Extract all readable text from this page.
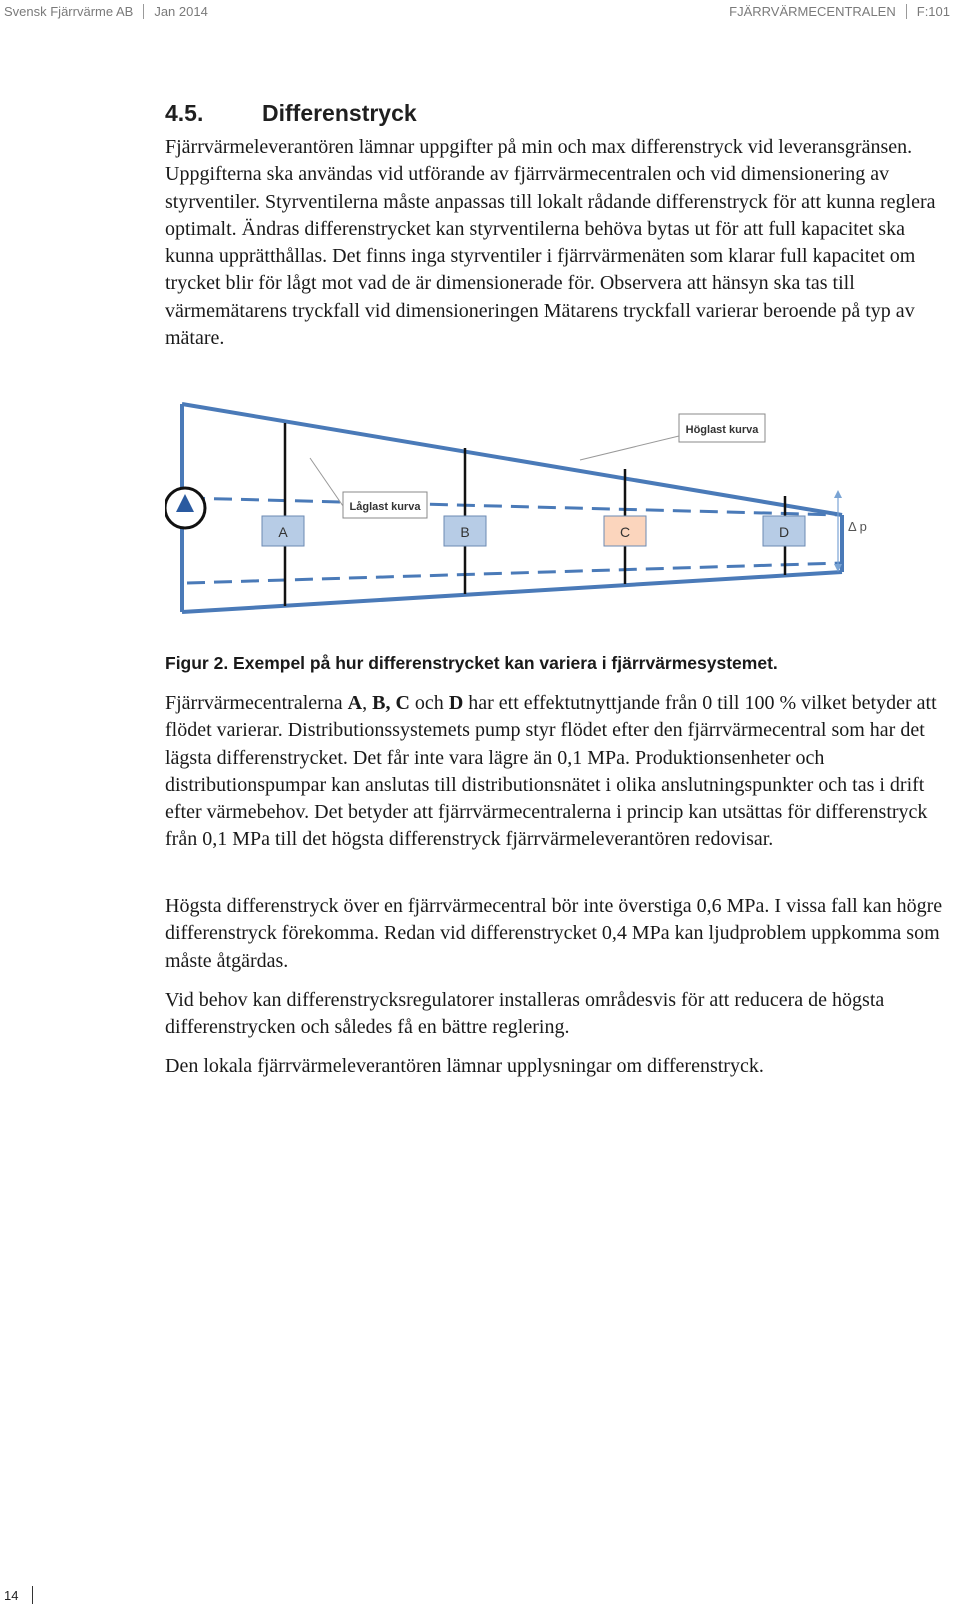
Svensk Fjärrvärme AB Jan 2014	FJÄRRVÄRMECENTRALEN F:101
4.5.	Differenstryck

Fjärrvärmeleverantören lämnar uppgifter på min och max differenstryck vid leveransgränsen. Uppgifterna ska användas vid utförande av fjärrvärmecentralen och vid dimensionering av styrventiler. Styrventilerna måste anpassas till lokalt rådande differenstryck för att kunna reglera optimalt. Ändras differenstrycket kan styrventilerna behöva bytas ut för att full kapacitet ska kunna upprätthållas. Det finns inga styrventiler i fjärrvärmenäten som klarar full kapacitet om trycket blir för lågt mot vad de är dimensionerade för. Observera att hänsyn ska tas till värmemätarens tryckfall vid dimensioneringen Mätarens tryckfall varierar beroende på typ av mätare.

A	B	C	D
Höglast kurva
Låglast kurva
Δ p

Figur 2. Exempel på hur differenstrycket kan variera i fjärrvärmesystemet.

Fjärrvärmecentralerna A, B, C och D har ett effektutnyttjande från 0 till 100 % vilket betyder att flödet varierar. Distributionssystemets pump styr flödet efter den fjärrvärmecentral som har det lägsta differenstrycket. Det får inte vara lägre än 0,1 MPa. Produktionsenheter och distributionspumpar kan anslutas till distributionsnätet i olika anslutningspunkter och tas i drift efter värmebehov. Det betyder att fjärrvärmecentralerna i princip kan utsättas för differenstryck från 0,1 MPa till det högsta differenstryck fjärrvärmeleverantören redovisar.

Högsta differenstryck över en fjärrvärmecentral bör inte överstiga 0,6 MPa. I vissa fall kan högre differenstryck förekomma. Redan vid differenstrycket 0,4 MPa kan ljudproblem uppkomma som måste åtgärdas.

Vid behov kan differenstrycksregulatorer installeras områdesvis för att reducera de högsta differenstrycken och således få en bättre reglering.

Den lokala fjärrvärmeleverantören lämnar upplysningar om differenstryck.

14
